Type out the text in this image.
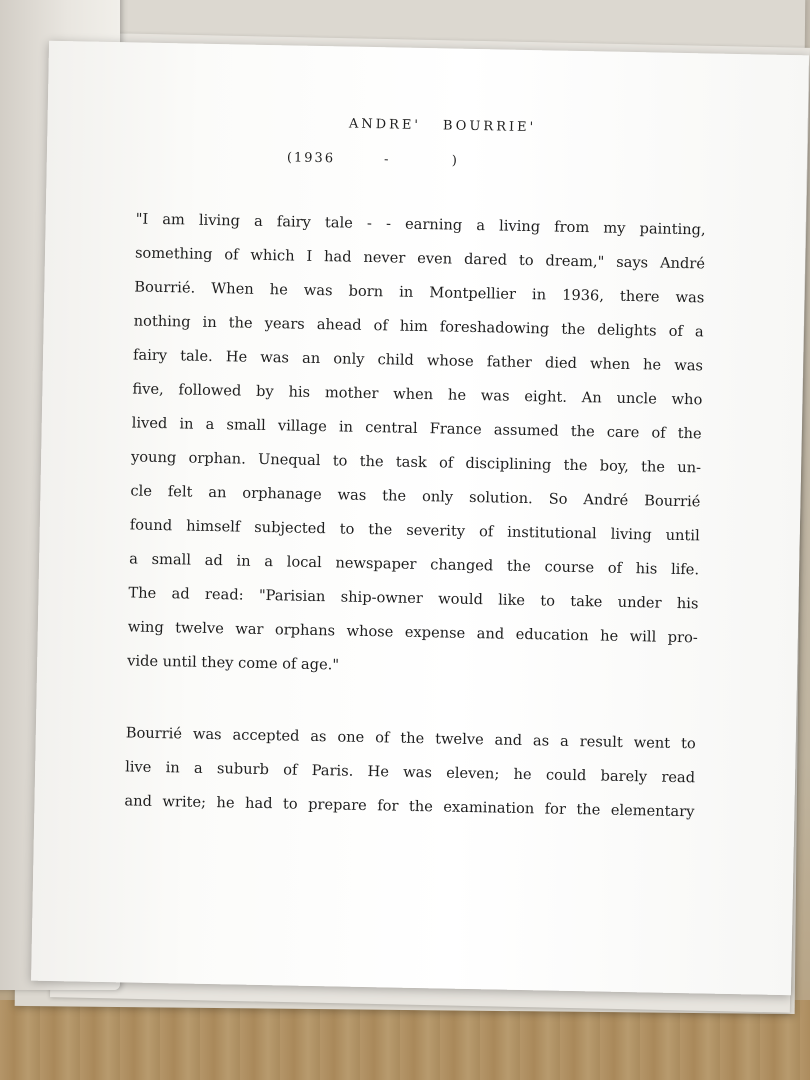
ANDRE' BOURRIE'
(1936        -          )
"I am living a fairy tale - - earning a living from my painting,
something of which I had never even dared to dream," says André
Bourrié. When he was born in Montpellier in 1936, there was
nothing in the years ahead of him foreshadowing the delights of a
fairy tale. He was an only child whose father died when he was
five, followed by his mother when he was eight. An uncle who
lived in a small village in central France assumed the care of the
young orphan. Unequal to the task of disciplining the boy, the un-
cle felt an orphanage was the only solution. So André Bourrié
found himself subjected to the severity of institutional living until
a small ad in a local newspaper changed the course of his life.
The ad read: "Parisian ship-owner would like to take under his
wing twelve war orphans whose expense and education he will pro-
vide until they come of age."
Bourrié was accepted as one of the twelve and as a result went to
live in a suburb of Paris. He was eleven; he could barely read
and write; he had to prepare for the examination for the elementary
